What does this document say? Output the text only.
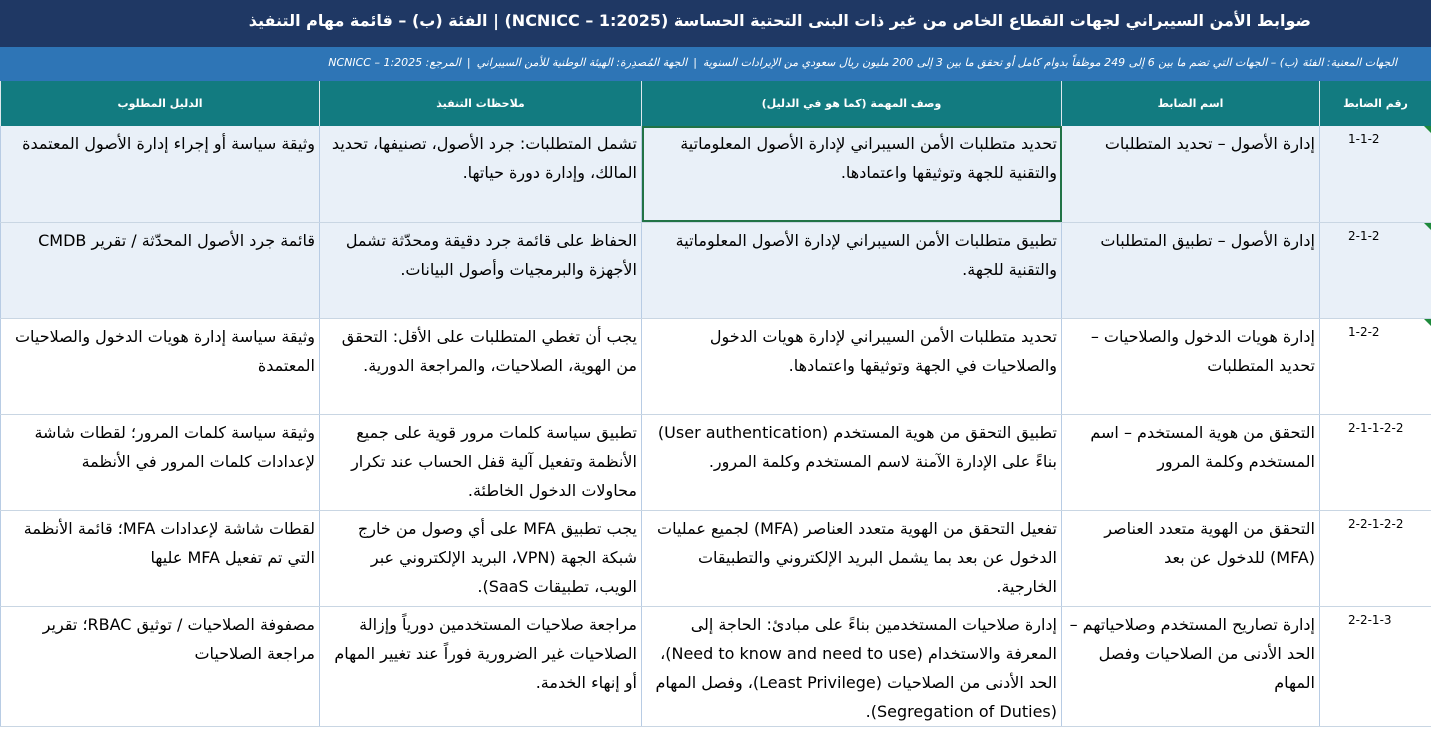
ضوابط الأمن السيبراني لجهات القطاع الخاص من غير ذات البنى التحتية الحساسة (NCNICC – 1:2025) | الفئة (ب) – قائمة مهام التنفيذ
الجهات المعنية: الفئة (ب) – الجهات التي تضم ما بين 6 إلى 249 موظفاً بدوام كامل أو تحقق ما بين 3 إلى 200 مليون ريال سعودي من الإيرادات السنوية|الجهة المُصدِرة: الهيئة الوطنية للأمن السيبراني|المرجع: NCNICC – 1:2025
رقم الضابط	اسم الضابط	وصف المهمة (كما هو في الدليل)	ملاحظات التنفيذ	الدليل المطلوب

1-1-2	إدارة الأصول – تحديد المتطلبات	تحديد متطلبات الأمن السيبراني لإدارة الأصول المعلوماتية والتقنية للجهة وتوثيقها واعتمادها.	تشمل المتطلبات: جرد الأصول، تصنيفها، تحديد المالك، وإدارة دورة حياتها.	وثيقة سياسة أو إجراء إدارة الأصول المعتمدة

2-1-2	إدارة الأصول – تطبيق المتطلبات	تطبيق متطلبات الأمن السيبراني لإدارة الأصول المعلوماتية والتقنية للجهة.	الحفاظ على قائمة جرد دقيقة ومحدّثة تشمل الأجهزة والبرمجيات وأصول البيانات.	قائمة جرد الأصول المحدّثة / تقرير CMDB

1-2-2	إدارة هويات الدخول والصلاحيات – تحديد المتطلبات	تحديد متطلبات الأمن السيبراني لإدارة هويات الدخول والصلاحيات في الجهة وتوثيقها واعتمادها.	يجب أن تغطي المتطلبات على الأقل: التحقق من الهوية، الصلاحيات، والمراجعة الدورية.	وثيقة سياسة إدارة هويات الدخول والصلاحيات المعتمدة
2-1-1-2-2	التحقق من هوية المستخدم – اسم المستخدم وكلمة المرور	تطبيق التحقق من هوية المستخدم (User authentication) بناءً على الإدارة الآمنة لاسم المستخدم وكلمة المرور.	تطبيق سياسة كلمات مرور قوية على جميع الأنظمة وتفعيل آلية قفل الحساب عند تكرار محاولات الدخول الخاطئة.	وثيقة سياسة كلمات المرور؛ لقطات شاشة لإعدادات كلمات المرور في الأنظمة
2-2-1-2-2	التحقق من الهوية متعدد العناصر (MFA) للدخول عن بعد	تفعيل التحقق من الهوية متعدد العناصر (MFA) لجميع عمليات الدخول عن بعد بما يشمل البريد الإلكتروني والتطبيقات الخارجية.	يجب تطبيق MFA على أي وصول من خارج شبكة الجهة (VPN، البريد الإلكتروني عبر الويب، تطبيقات SaaS).	لقطات شاشة لإعدادات MFA؛ قائمة الأنظمة التي تم تفعيل MFA عليها
2-2-1-3	إدارة تصاريح المستخدم وصلاحياتهم – الحد الأدنى من الصلاحيات وفصل المهام	إدارة صلاحيات المستخدمين بناءً على مبادئ: الحاجة إلى المعرفة والاستخدام (Need to know and need to use)، الحد الأدنى من الصلاحيات (Least Privilege)، وفصل المهام (Segregation of Duties).	مراجعة صلاحيات المستخدمين دورياً وإزالة الصلاحيات غير الضرورية فوراً عند تغيير المهام أو إنهاء الخدمة.	مصفوفة الصلاحيات / توثيق RBAC؛ تقرير مراجعة الصلاحيات
